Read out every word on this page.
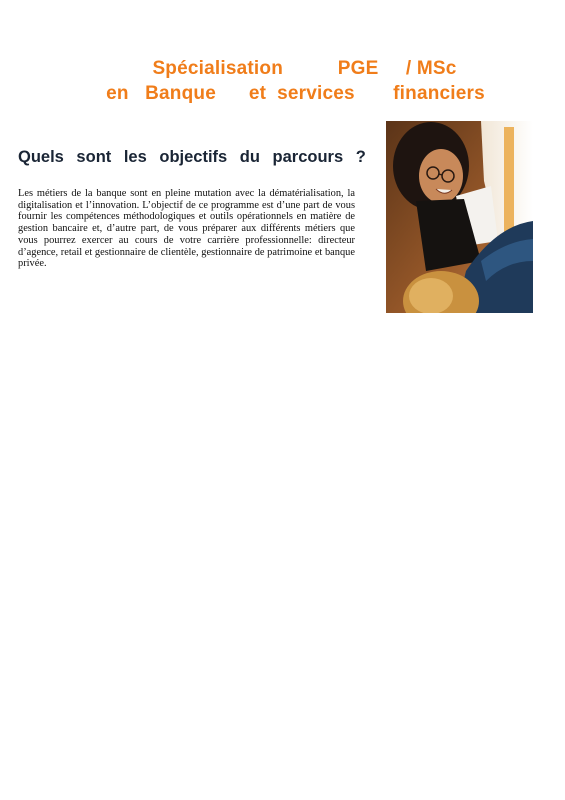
Spécialisation          PGE     / MSc
en   Banque      et  services       financiers
Quels sont les objectifs du parcours ?

Les métiers de la banque sont en pleine mutation avec la dématérialisation, la digitalisation et l’innovation. L’objectif de ce programme est d’une part de vous fournir les compétences méthodologiques et outils opérationnels en matière de gestion bancaire et, d’autre part, de vous préparer aux différents métiers que vous pourrez exercer au cours de votre carrière professionnelle: directeur d’agence, retail et gestionnaire de clientèle, gestionnaire de patrimoine et banque privée.
